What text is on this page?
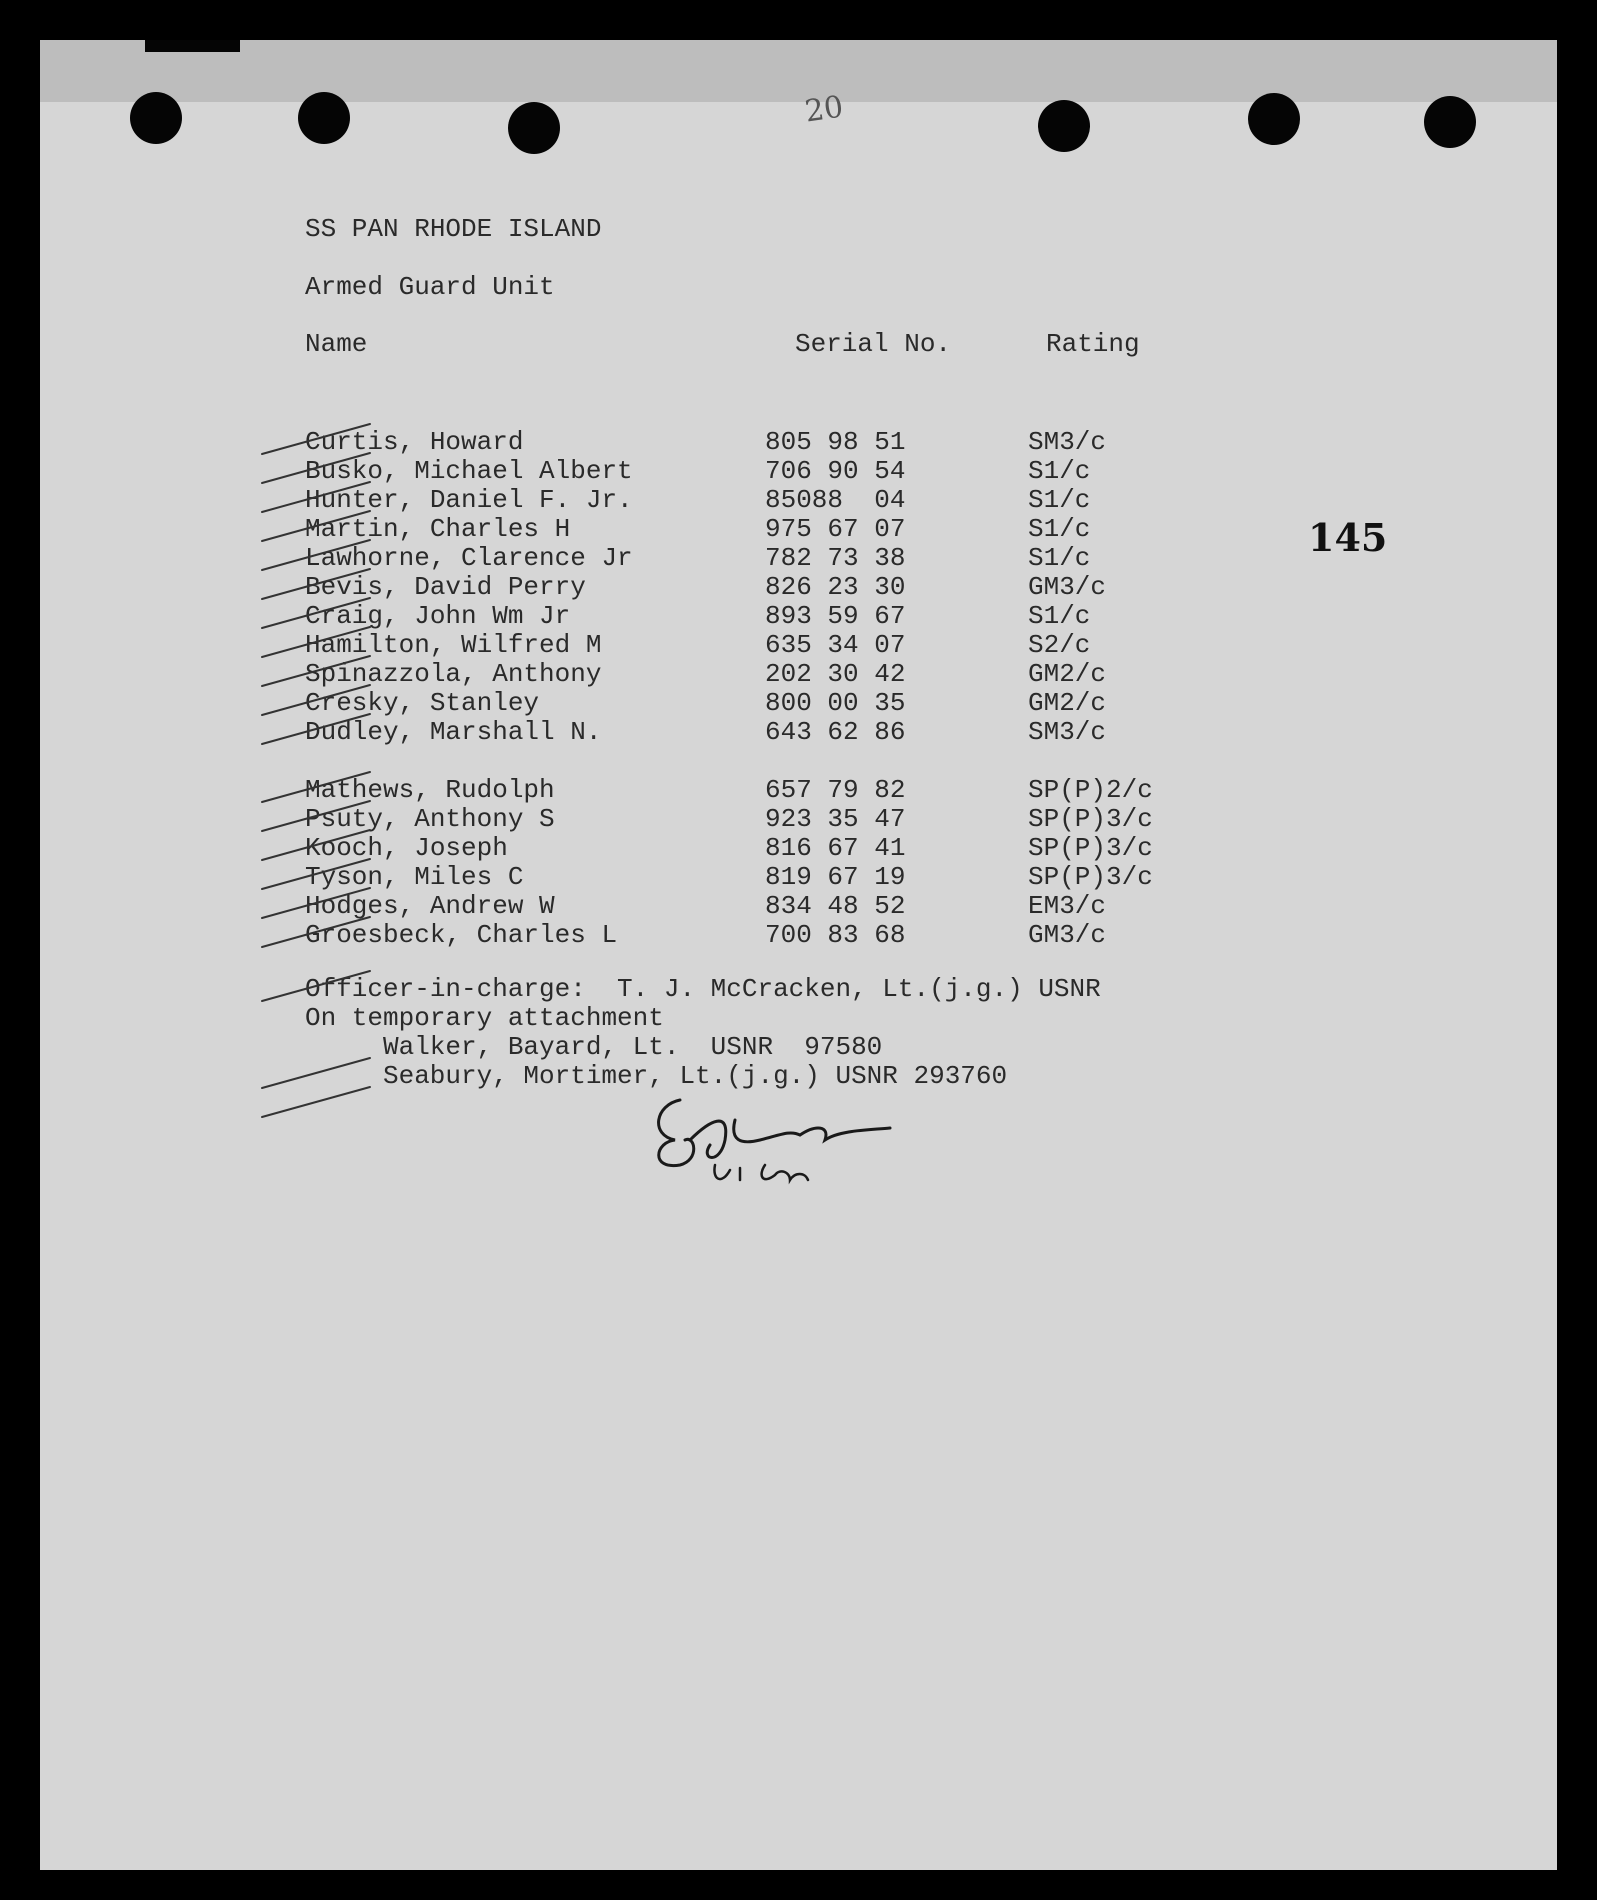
20
SS PAN RHODE ISLAND
Armed Guard Unit
Name	Serial No.	Rating
Curtis, Howard	805 98 51	SM3/c
Busko, Michael Albert	706 90 54	S1/c
Hunter, Daniel F. Jr.	85088  04	S1/c
Martin, Charles H	975 67 07	S1/c
Lawhorne, Clarence Jr	782 73 38	S1/c
Bevis, David Perry	826 23 30	GM3/c
Craig, John Wm Jr	893 59 67	S1/c
Hamilton, Wilfred M	635 34 07	S2/c
Spinazzola, Anthony	202 30 42	GM2/c
Cresky, Stanley	800 00 35	GM2/c
Dudley, Marshall N.	643 62 86	SM3/c
Mathews, Rudolph	657 79 82	SP(P)2/c
Psuty, Anthony S	923 35 47	SP(P)3/c
Kooch, Joseph	816 67 41	SP(P)3/c
Tyson, Miles C	819 67 19	SP(P)3/c
Hodges, Andrew W	834 48 52	EM3/c
Groesbeck, Charles L	700 83 68	GM3/c
145
Officer-in-charge:  T. J. McCracken, Lt.(j.g.) USNR
On temporary attachment
Walker, Bayard, Lt.  USNR  97580
Seabury, Mortimer, Lt.(j.g.) USNR 293760
